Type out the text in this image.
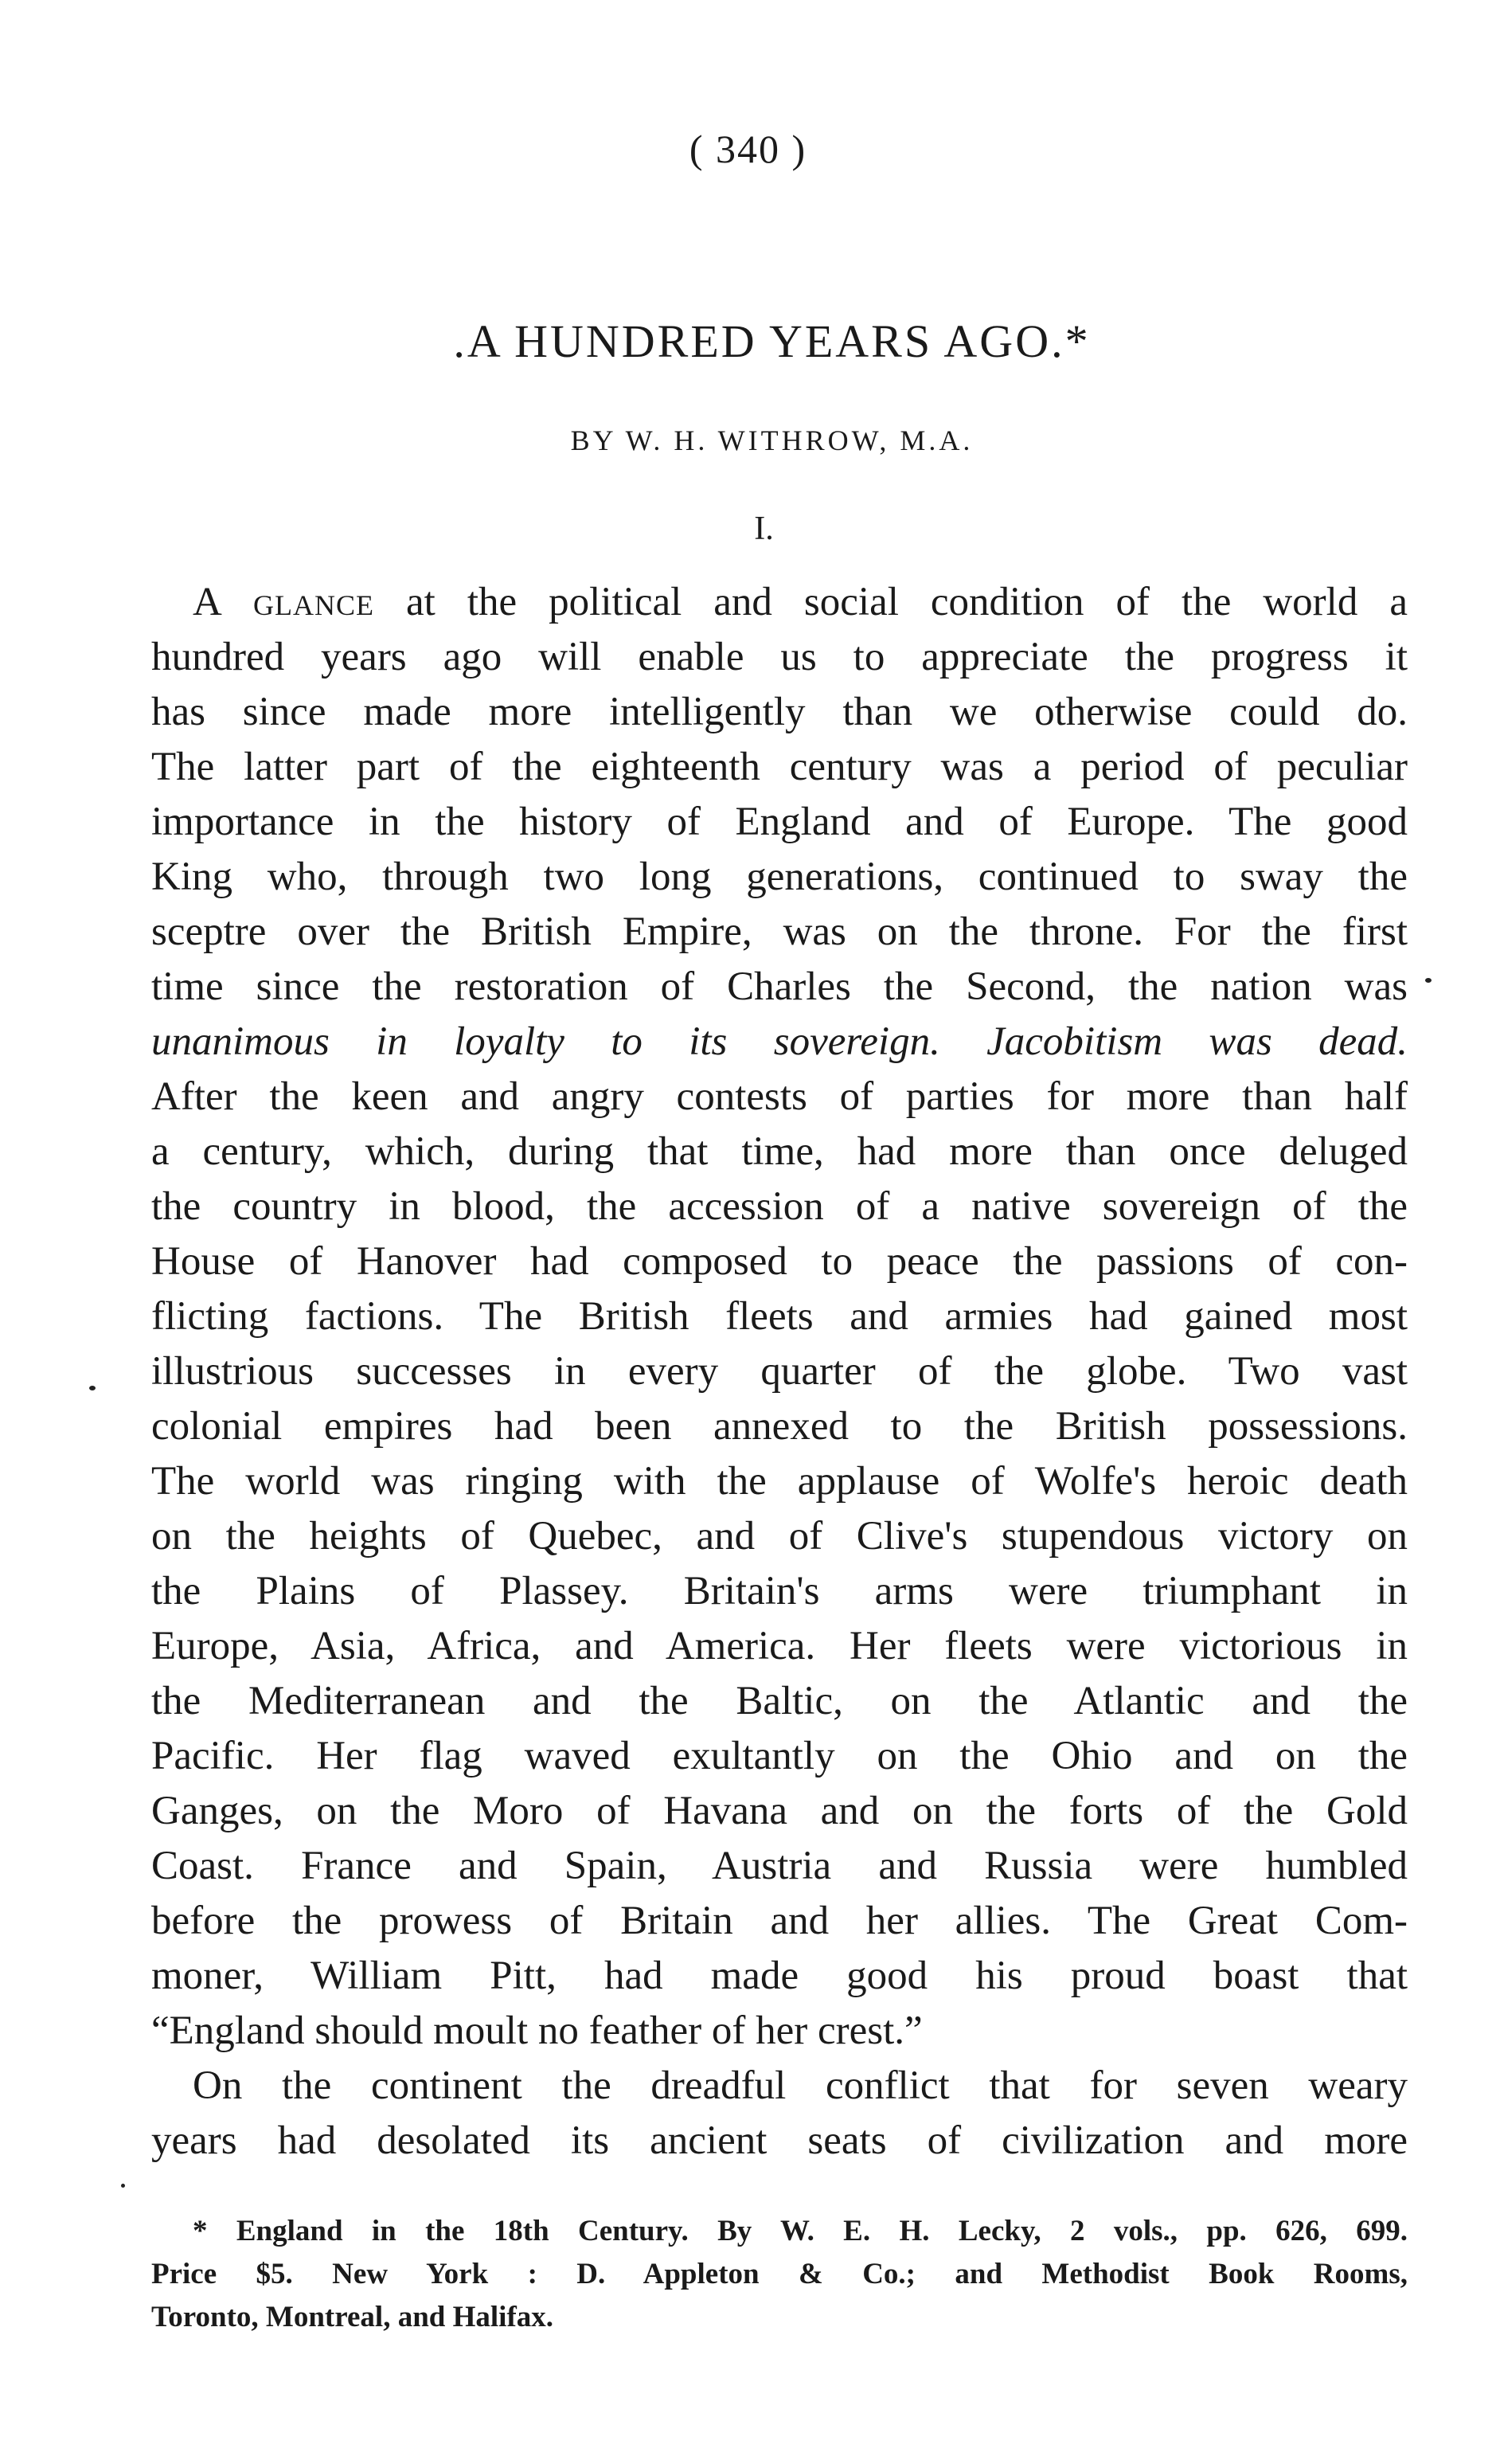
( 340 )
.A HUNDRED YEARS AGO.*
BY W. H. WITHROW, M.A.
I.
A glance at the political and social condition of the world a
hundred years ago will enable us to appreciate the progress it
has since made more intelligently than we otherwise could do.
The latter part of the eighteenth century was a period of peculiar
importance in the history of England and of Europe. The good
King who, through two long generations, continued to sway the
sceptre over the British Empire, was on the throne. For the first
time since the restoration of Charles the Second, the nation was
unanimous in loyalty to its sovereign. Jacobitism was dead.
After the keen and angry contests of parties for more than half
a century, which, during that time, had more than once deluged
the country in blood, the accession of a native sovereign of the
House of Hanover had composed to peace the passions of con-
flicting factions. The British fleets and armies had gained most
illustrious successes in every quarter of the globe. Two vast
colonial empires had been annexed to the British possessions.
The world was ringing with the applause of Wolfe's heroic death
on the heights of Quebec, and of Clive's stupendous victory on
the Plains of Plassey. Britain's arms were triumphant in
Europe, Asia, Africa, and America. Her fleets were victorious in
the Mediterranean and the Baltic, on the Atlantic and the
Pacific. Her flag waved exultantly on the Ohio and on the
Ganges, on the Moro of Havana and on the forts of the Gold
Coast. France and Spain, Austria and Russia were humbled
before the prowess of Britain and her allies. The Great Com-
moner, William Pitt, had made good his proud boast that
“England should moult no feather of her crest.”
On the continent the dreadful conflict that for seven weary
years had desolated its ancient seats of civilization and more
* England in the 18th Century. By W. E. H. Lecky, 2 vols., pp. 626, 699.
Price $5. New York : D. Appleton & Co.; and Methodist Book Rooms,
Toronto, Montreal, and Halifax.
